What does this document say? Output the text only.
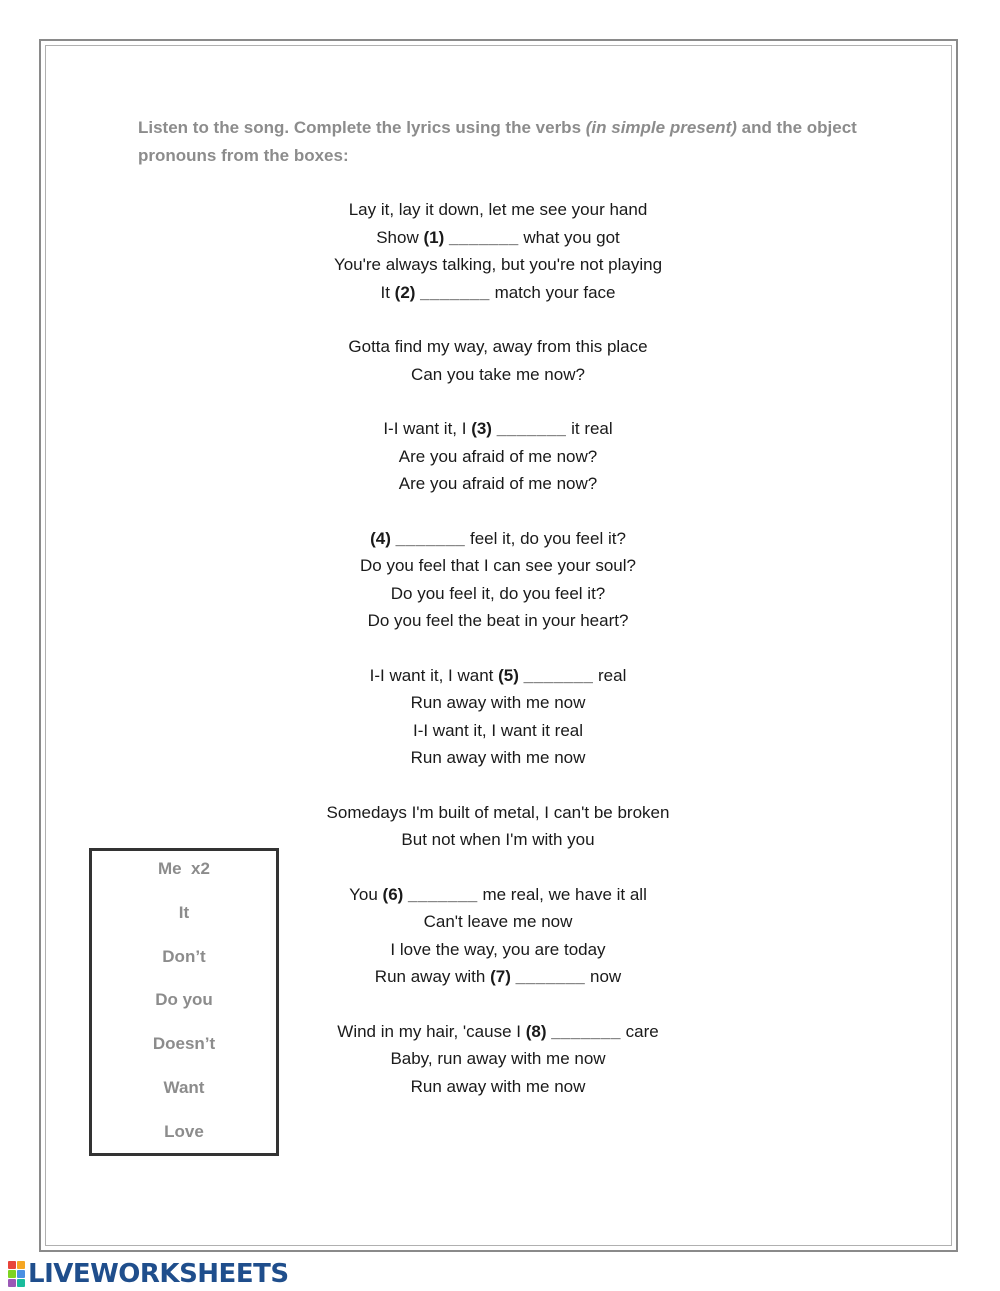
Listen to the song. Complete the lyrics using the verbs (in simple present) and the object pronouns from the boxes:
Lay it, lay it down, let me see your hand
Show (1) _______ what you got
You're always talking, but you're not playing
It (2) _______ match your face
Gotta find my way, away from this place
Can you take me now?
I-I want it, I (3) _______ it real
Are you afraid of me now?
Are you afraid of me now?
(4) _______ feel it, do you feel it?
Do you feel that I can see your soul?
Do you feel it, do you feel it?
Do you feel the beat in your heart?
I-I want it, I want (5) _______ real
Run away with me now
I-I want it, I want it real
Run away with me now
Somedays I'm built of metal, I can't be broken
But not when I'm with you
You (6) _______ me real, we have it all
Can't leave me now
I love the way, you are today
Run away with (7) _______ now
Wind in my hair, 'cause I (8) _______ care
Baby, run away with me now
Run away with me now
Me  x2
It
Don’t
Do you
Doesn’t
Want
Love
LIVEWORKSHEETS
